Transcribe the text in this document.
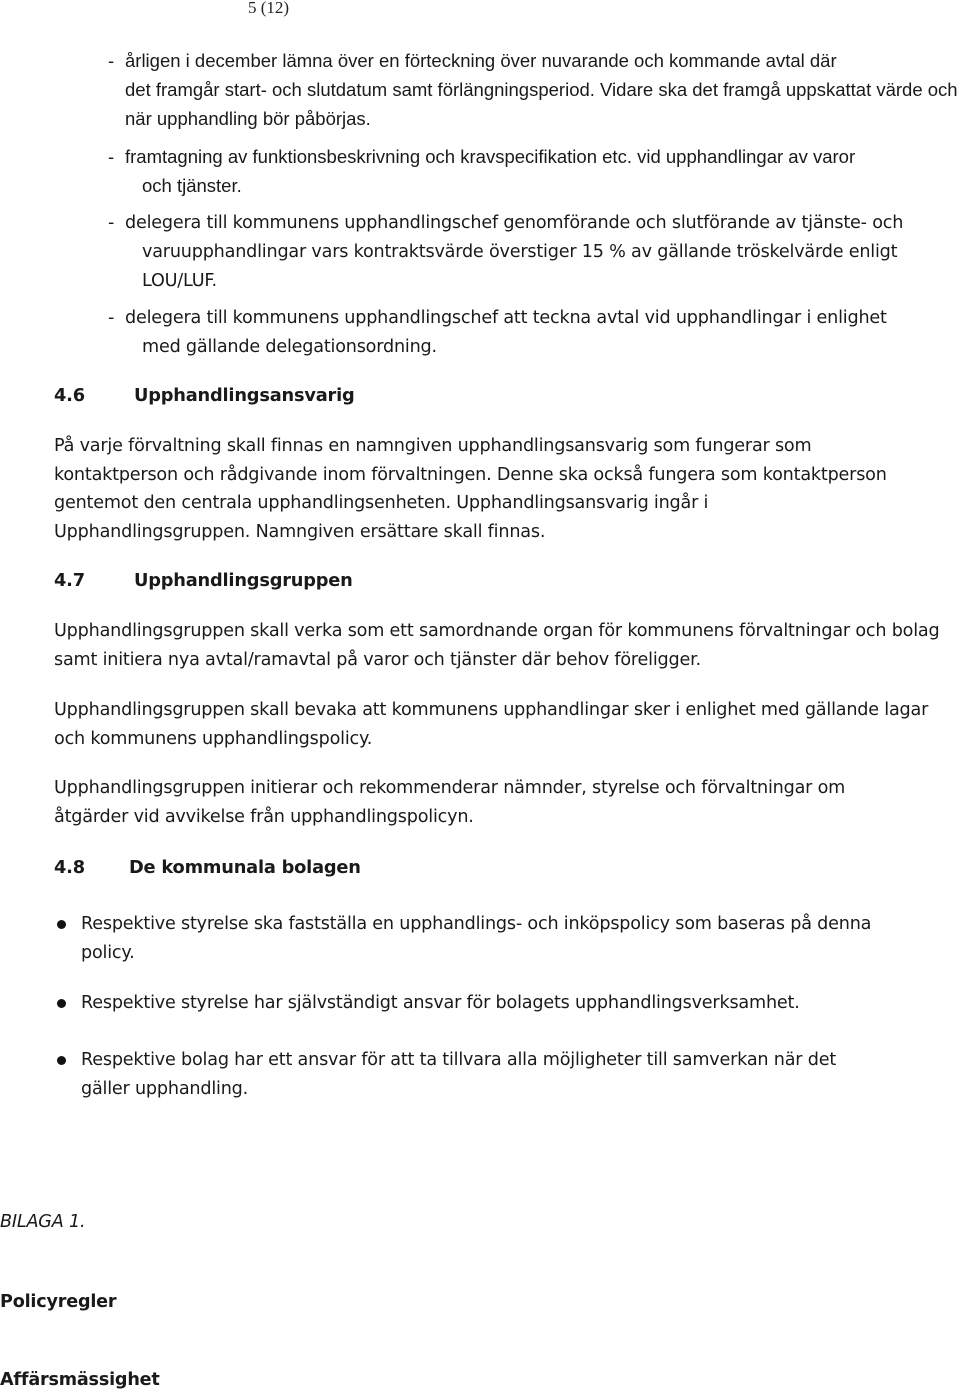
5 (12)
- årligen i december lämna över en förteckning över nuvarande och kommande avtal där
det framgår start- och slutdatum samt förlängningsperiod. Vidare ska det framgå uppskattat värde och när upphandling bör påbörjas.
- framtagning av funktionsbeskrivning och kravspecifikation etc. vid upphandlingar av varor
och tjänster.
- delegera till kommunens upphandlingschef genomförande och slutförande av tjänste- och
varuupphandlingar vars kontraktsvärde överstiger 15 % av gällande tröskelvärde enligt LOU/LUF.
- delegera till kommunens upphandlingschef att teckna avtal vid upphandlingar i enlighet
med gällande delegationsordning.
4.6	Upphandlingsansvarig
På varje förvaltning skall finnas en namngiven upphandlingsansvarig som fungerar som kontaktperson och rådgivande inom förvaltningen. Denne ska också fungera som kontaktperson gentemot den centrala upphandlingsenheten. Upphandlingsansvarig ingår i Upphandlingsgruppen. Namngiven ersättare skall finnas.
4.7	Upphandlingsgruppen
Upphandlingsgruppen skall verka som ett samordnande organ för kommunens förvaltningar och bolag samt initiera nya avtal/ramavtal på varor och tjänster där behov föreligger.
Upphandlingsgruppen skall bevaka att kommunens upphandlingar sker i enlighet med gällande lagar och kommunens upphandlingspolicy.
Upphandlingsgruppen initierar och rekommenderar nämnder, styrelse och förvaltningar om åtgärder vid avvikelse från upphandlingspolicyn.
4.8 De kommunala bolagen
Respektive styrelse ska fastställa en upphandlings- och inköpspolicy som baseras på denna policy.
Respektive styrelse har självständigt ansvar för bolagets upphandlingsverksamhet.
Respektive bolag har ett ansvar för att ta tillvara alla möjligheter till samverkan när det gäller upphandling.
BILAGA 1.
Policyregler
Affärsmässighet
